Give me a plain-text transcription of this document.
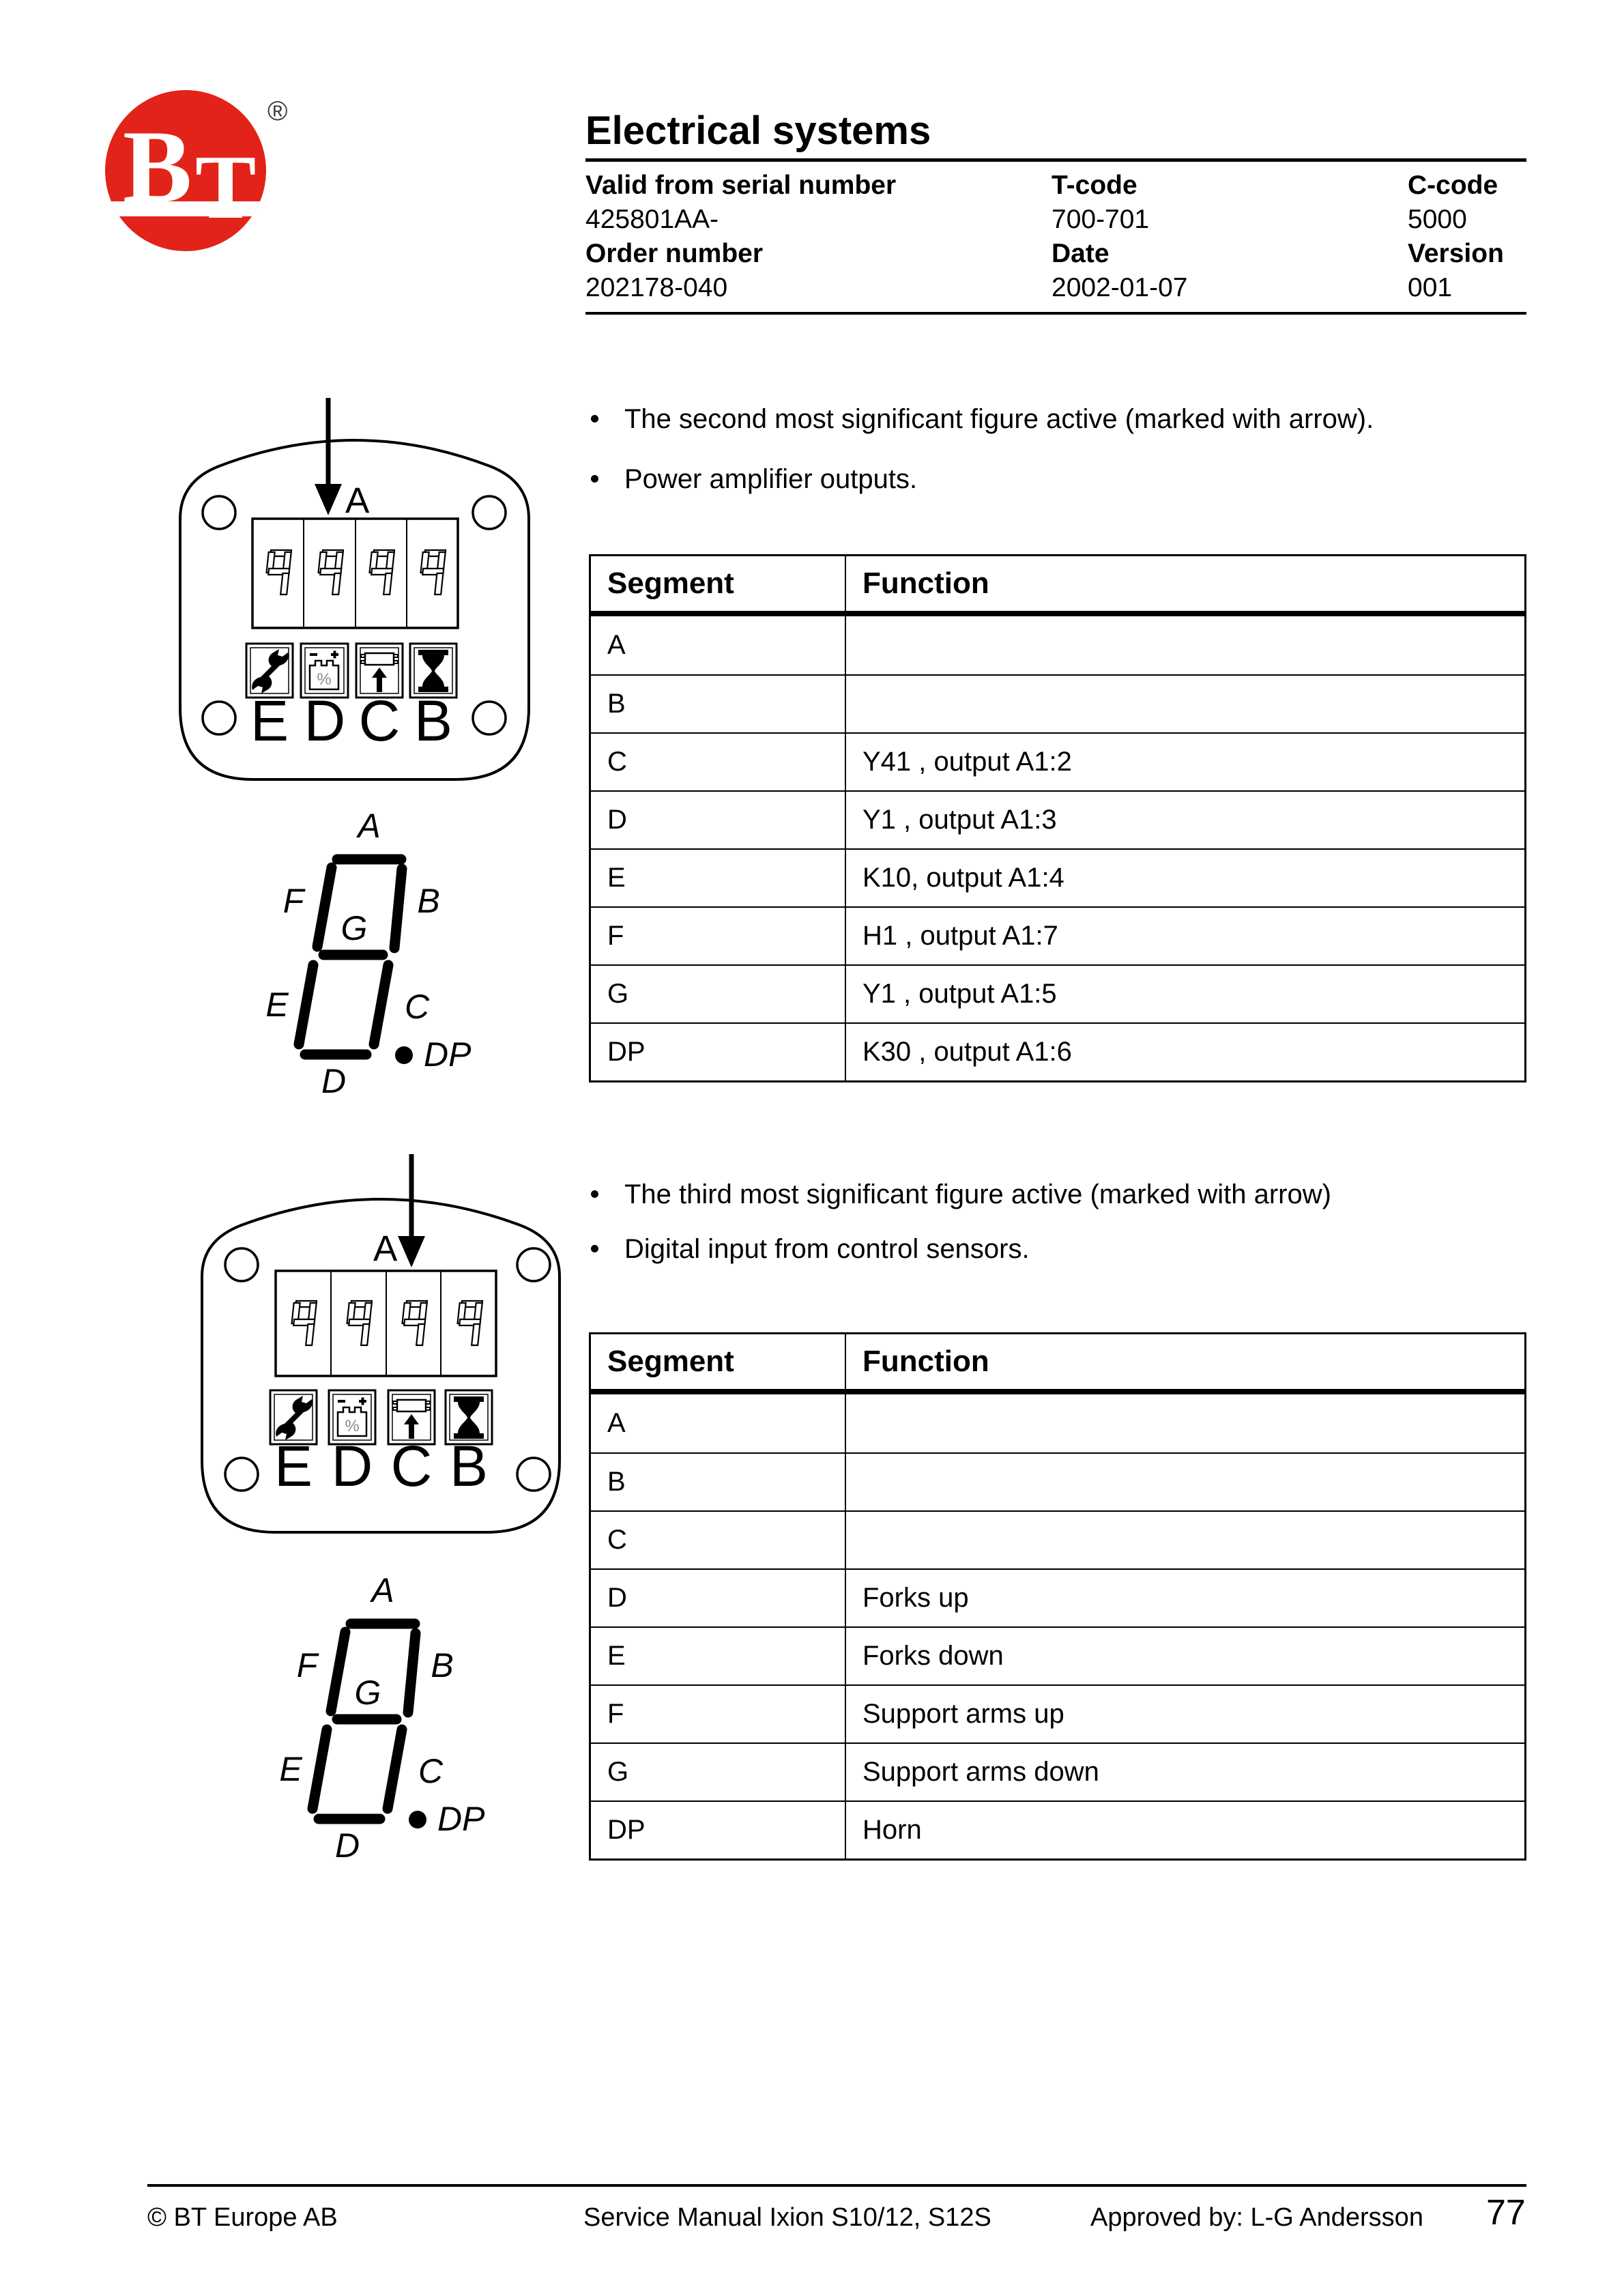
B T
®	Electrical systems
Valid from serial number	T-code	C-code
425801AA-	700-701	5000
Order number	Date	Version
202178-040	2002-01-07	001
The second most significant figure active (marked with arrow).
Power amplifier outputs.
A
E D C B
A
F	B
G
E	C
D
DP
Segment	Function
A
B
C	Y41 , output A1:2
D	Y1 , output A1:3
E	K10, output A1:4
F	H1 , output A1:7
G	Y1 , output A1:5
DP	K30 , output A1:6
The third most significant figure active (marked with arrow)
Digital input from control sensors.
A
E D C B
Segment	Function
A
B
C
D	Forks up
E	Forks down
F	Support arms up
G	Support arms down
DP	Horn
© BT Europe AB	Service Manual Ixion S10/12, S12S	Approved by: L-G Andersson 77
